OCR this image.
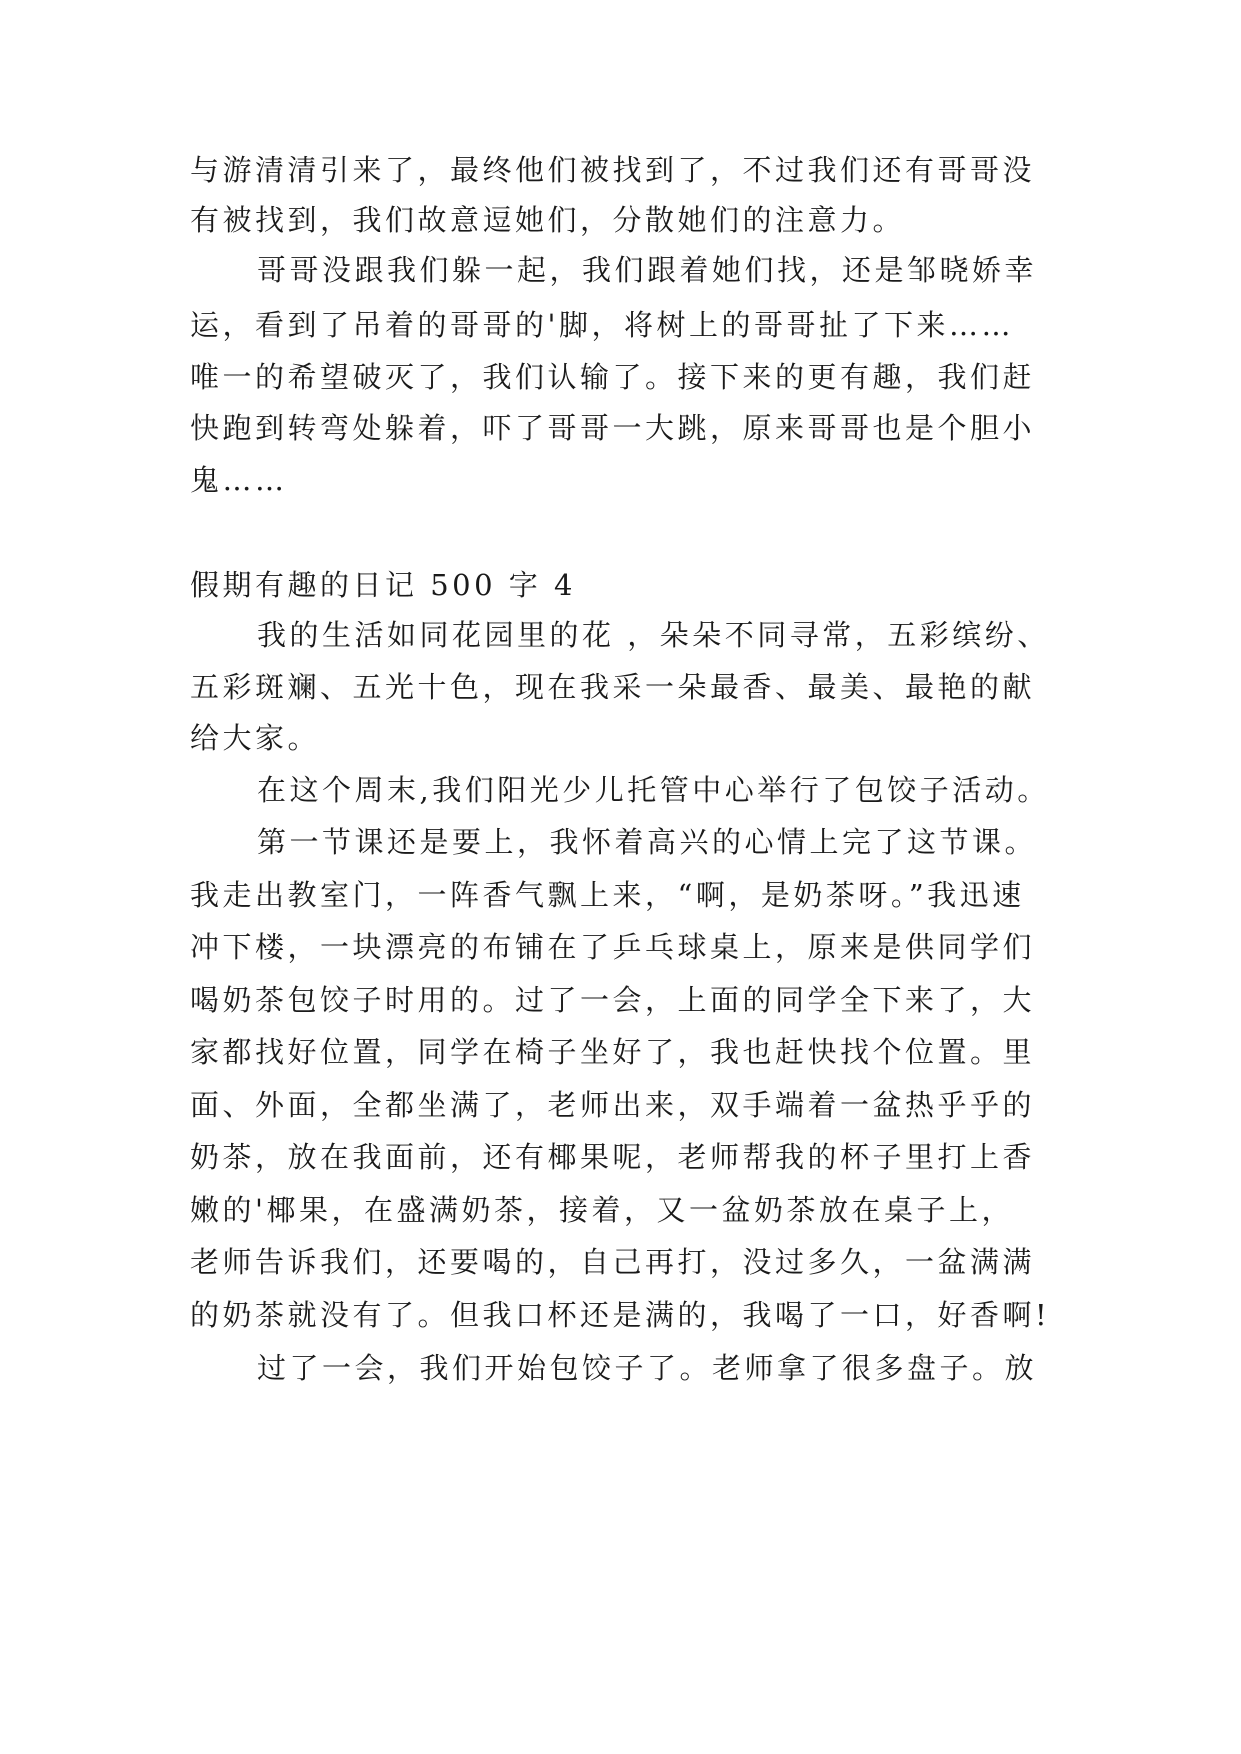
与游清清引来了，最终他们被找到了，不过我们还有哥哥没
有被找到，我们故意逗她们，分散她们的注意力。
哥哥没跟我们躲一起，我们跟着她们找，还是邹晓娇幸
运，看到了吊着的哥哥的'脚，将树上的哥哥扯了下来……
唯一的希望破灭了，我们认输了。接下来的更有趣，我们赶
快跑到转弯处躲着，吓了哥哥一大跳，原来哥哥也是个胆小
鬼……
假期有趣的日记 500 字 4
我的生活如同花园里的花 ，朵朵不同寻常，五彩缤纷、
五彩斑斓、五光十色，现在我采一朵最香、最美、最艳的献
给大家。
在这个周末,我们阳光少儿托管中心举行了包饺子活动。
第一节课还是要上，我怀着高兴的心情上完了这节课。
我走出教室门，一阵香气飘上来，“啊，是奶茶呀。”我迅速
冲下楼，一块漂亮的布铺在了乒乓球桌上，原来是供同学们
喝奶茶包饺子时用的。过了一会，上面的同学全下来了，大
家都找好位置，同学在椅子坐好了，我也赶快找个位置。里
面、外面，全都坐满了，老师出来，双手端着一盆热乎乎的
奶茶，放在我面前，还有椰果呢，老师帮我的杯子里打上香
嫩的'椰果，在盛满奶茶，接着，又一盆奶茶放在桌子上，
老师告诉我们，还要喝的，自己再打，没过多久，一盆满满
的奶茶就没有了。但我口杯还是满的，我喝了一口，好香啊!
过了一会，我们开始包饺子了。老师拿了很多盘子。放
